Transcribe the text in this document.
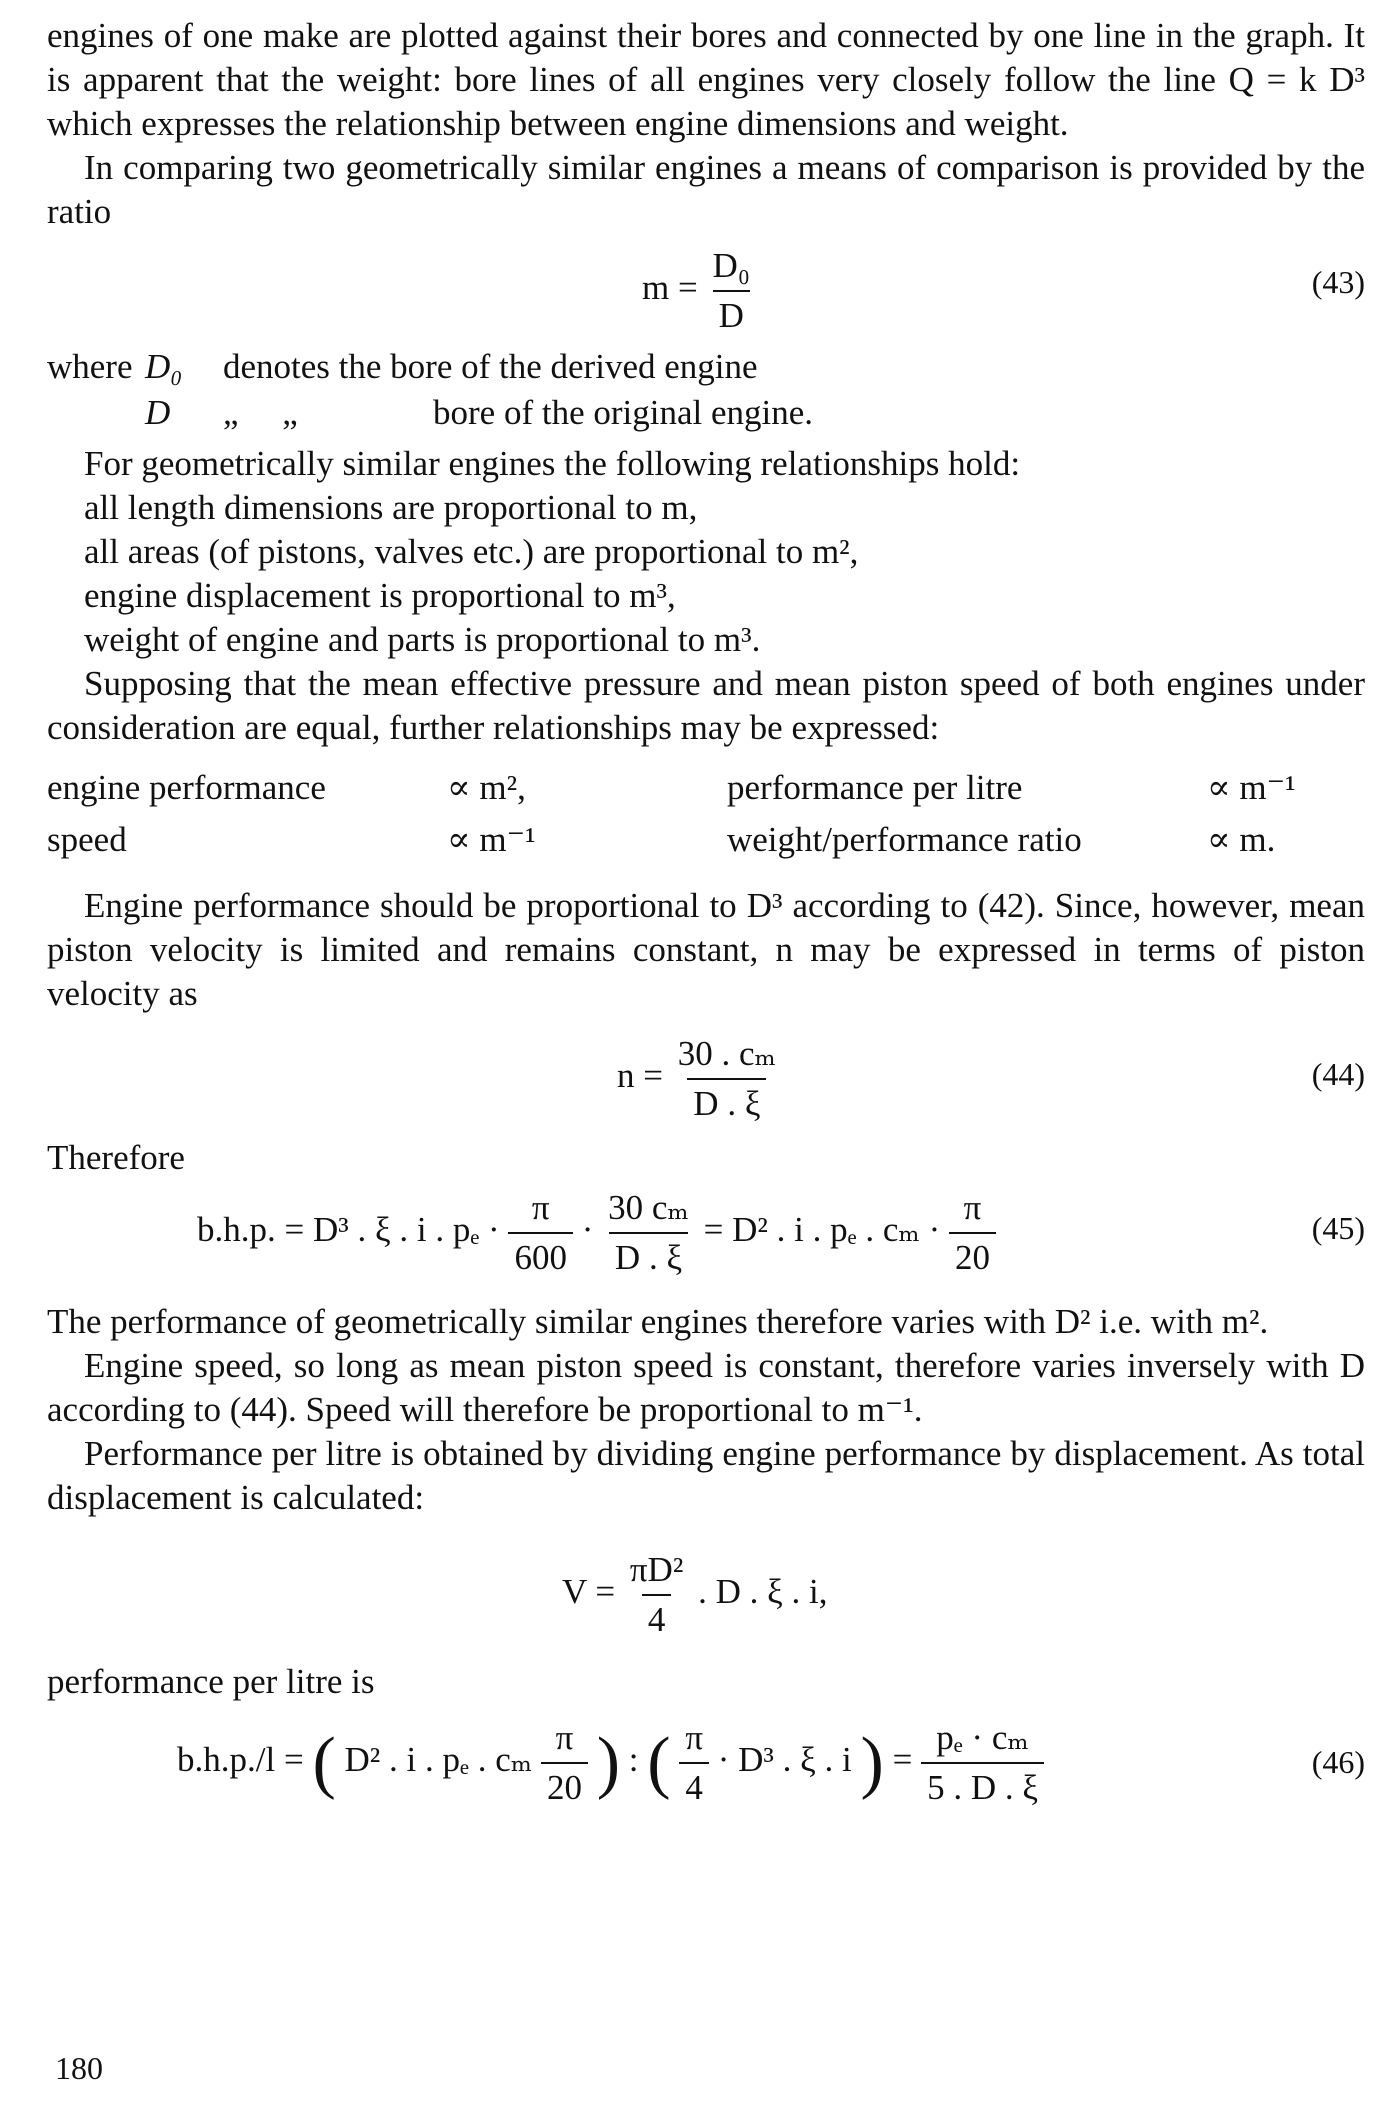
engines of one make are plotted against their bores and connected by one line in the graph. It is apparent that the weight: bore lines of all engines very closely follow the line Q = k D³ which expresses the relationship between engine dimensions and weight.

In comparing two geometrically similar engines a means of comparison is provided by the ratio

$m = \frac{\text{D₀}}{D}$	(43)
where	D₀	denotes the bore of the derived engine
	D	„     „ bore of the original engine.

For geometrically similar engines the following relationships hold:

all length dimensions are proportional to m,

all areas (of pistons, valves etc.) are proportional to m²,

engine displacement is proportional to m³,

weight of engine and parts is proportional to m³.

Supposing that the mean effective pressure and mean piston speed of both engines under consideration are equal, further relationships may be expressed:

engine performance	∝ m²,	performance per litre	∝ m⁻¹
speed	∝ m⁻¹	weight/performance ratio	∝ m.

Engine performance should be proportional to D³ according to (42). Since, however, mean piston velocity is limited and remains constant, n may be expressed in terms of piston velocity as

$n = \frac{\text{30 . cₘ}}{D . \xi}$	(44)

Therefore

b.h.p. = D³ . ξ . i . $p_e \cdot \frac{\pi}{600} \cdot \frac{\text{30 cₘ}}{D . \xi} = D^2$ . i . pₑ . $c_m \cdot \frac{\pi}{20}$	(45)

The performance of geometrically similar engines therefore varies with D² i.e. with m².

Engine speed, so long as mean piston speed is constant, therefore varies inversely with D according to (44). Speed will therefore be proportional to m⁻¹.

Performance per litre is obtained by dividing engine performance by displacement. As total displacement is calculated:

$V = \frac{\text{πD²}}{4}$ . D . ξ . i,

performance per litre is

b.h.p./l = ( D² . i . pₑ . cₘ $\frac{\pi}{20}$ ) : ( $\frac{\pi}{4} \cdot D^3$ . ξ . i ) = $\frac{\text{pₑ · cₘ}}{5 . D . \xi}$	(46)
180
